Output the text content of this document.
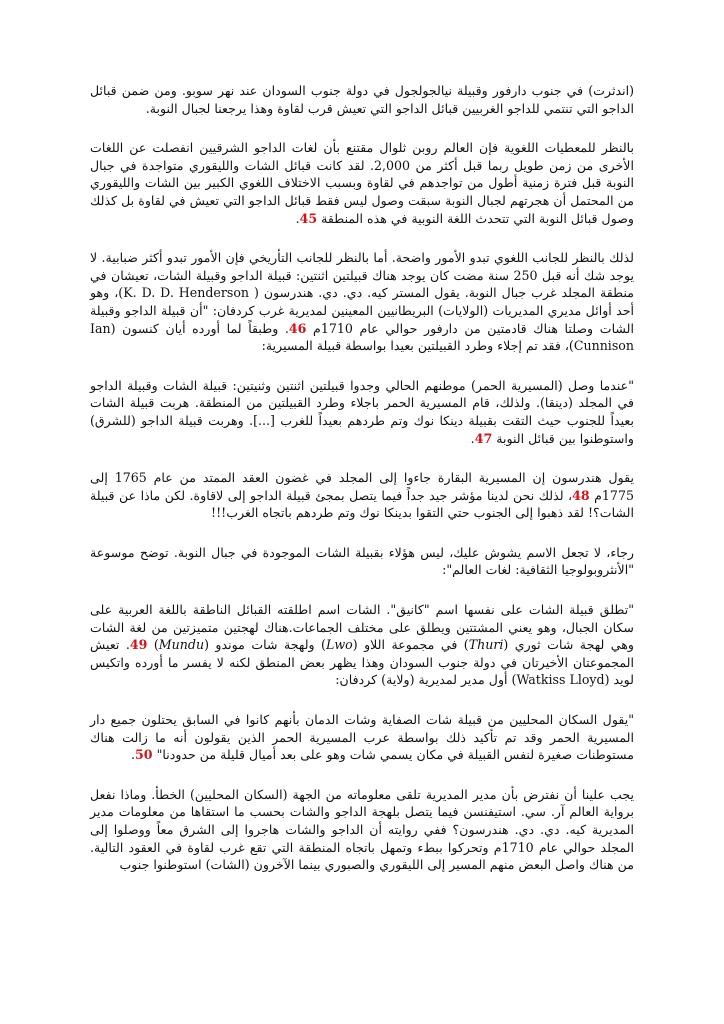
(اندثرت) في جنوب دارفور وقبيلة نيالجولجول في دولة جنوب السودان عند نهر سوبو. ومن ضمن قبائل الداجو التي تنتمي للداجو الغربيين قبائل الداجو التي تعيش قرب لقاوة وهذا يرجعنا لجبال النوبة.

بالنظر للمعطيات اللغوية فإن العالم روبن ثلوال مقتنع بأن لغات الداجو الشرقيين انفصلت عن اللغات الأخرى من زمن طويل ربما قبل أكثر من 2,000. لقد كانت قبائل الشات والليقوري متواجدة في جبال النوبة قبل فترة زمنية أطول من تواجدهم في لقاوة وبسبب الاختلاف اللغوي الكبير بين الشات والليقوري من المحتمل أن هجرتهم لجبال النوبة سبقت وصول ليس فقط قبائل الداجو التي تعيش في لقاوة بل كذلك وصول قبائل النوبة التي تتحدث اللغة النوبية في هذه المنطقة 45.

لذلك بالنظر للجانب اللغوي تبدو الأمور واضحة. أما بالنظر للجانب التأريخي فإن الأمور تبدو أكثر ضبابية. لا يوجد شك أنه قبل 250 سنة مضت كان يوجد هناك قبيلتين اثنتين: قبيلة الداجو وقبيلة الشات، تعيشان في منطقة المجلد غرب جبال النوبة. يقول المستر كيه. دي. دي. هندرسون ( K. D. D. Henderson)، وهو أحد أوائل مديري المديريات (الولايات) البريطانيين المعينين لمديرية غرب كردفان: "أن قبيلة الداجو وقبيلة الشات وصلتا هناك قادمتين من دارفور حوالي عام 1710م 46. وطبقاً لما أورده أيان كنسون (Ian Cunnison)، فقد تم إجلاء وطرد القبيلتين بعيدا بواسطة قبيلة المسيرية:

"عندما وصل (المسيرية الحمر) موطنهم الحالي وجدوا قبيلتين اثنتين وثنيتين: قبيلة الشات وقبيلة الداجو في المجلد (دينقا). ولذلك، قام المسيرية الحمر باجلاء وطرد القبيلتين من المنطقة. هربت قبيلة الشات بعيداً للجنوب حيث التقت بقبيلة دينكا نوك وتم طردهم بعيداً للغرب [...]. وهربت قبيلة الداجو (للشرق) واستوطنوا بين قبائل النوبة 47.

يقول هندرسون إن المسيرية البقارة جاءوا إلى المجلد في غضون العقد الممتد من عام 1765 إلى 1775م 48، لذلك نحن لدينا مؤشر جيد جداً فيما يتصل بمجئ قبيلة الداجو إلى لاقاوة. لكن ماذا عن قبيلة الشات؟! لقد ذهبوا إلى الجنوب حتي التقوا بدينكا نوك وتم طردهم باتجاه الغرب!!!

رجاء، لا تجعل الاسم يشوش عليك، ليس هؤلاء بقبيلة الشات الموجودة في جبال النوبة. توضح موسوعة "الأنثروبولوجيا الثقافية: لغات العالم":

"تطلق قبيلة الشات على نفسها اسم "كانيق". الشات اسم اطلقته القبائل الناطقة باللغة العربية على سكان الجبال، وهو يعني المشتتين ويطلق على مختلف الجماعات.هناك لهجتين متميزتين من لغة الشات وهي لهجة شات ثوري (Thuri) في مجموعة اللاو (Lwo) ولهجة شات موندو (Mundu) 49. تعيش المجموعتان الأخيرتان في دولة جنوب السودان وهذا يظهر بعض المنطق لكنه لا يفسر ما أورده واتكيس لويد (Watkiss Lloyd) أول مدير لمديرية (ولاية) كردفان:

"يقول السكان المحليين من قبيلة شات الصفاية وشات الدمان بأنهم كانوا في السابق يحتلون جميع دار المسيرية الحمر وقد تم تأكيد ذلك بواسطة عرب المسيرية الحمر الذين يقولون أنه ما زالت هناك مستوطنات صغيرة لنفس القبيلة في مكان يسمي شات وهو على بعد أميال قليلة من حدودنا" 50.

يجب علينا أن نفترض بأن مدير المديرية تلقى معلوماته من الجهة (السكان المحليين) الخطأ. وماذا نفعل برواية العالم آر. سي. استيفنسن فيما يتصل بلهجة الداجو والشات بحسب ما استقاها من معلومات مدير المديرية كيه. دي. دي. هندرسون؟ ففي روايته أن الداجو والشات هاجروا إلى الشرق معاً ووصلوا إلى المجلد حوالي عام 1710م وتحركوا ببطء وتمهل باتجاه المنطقة التي تقع غرب لقاوة في العقود التالية. من هناك واصل البعض منهم المسير إلى الليقوري والصبوري بينما الآخرون (الشات) استوطنوا جنوب
